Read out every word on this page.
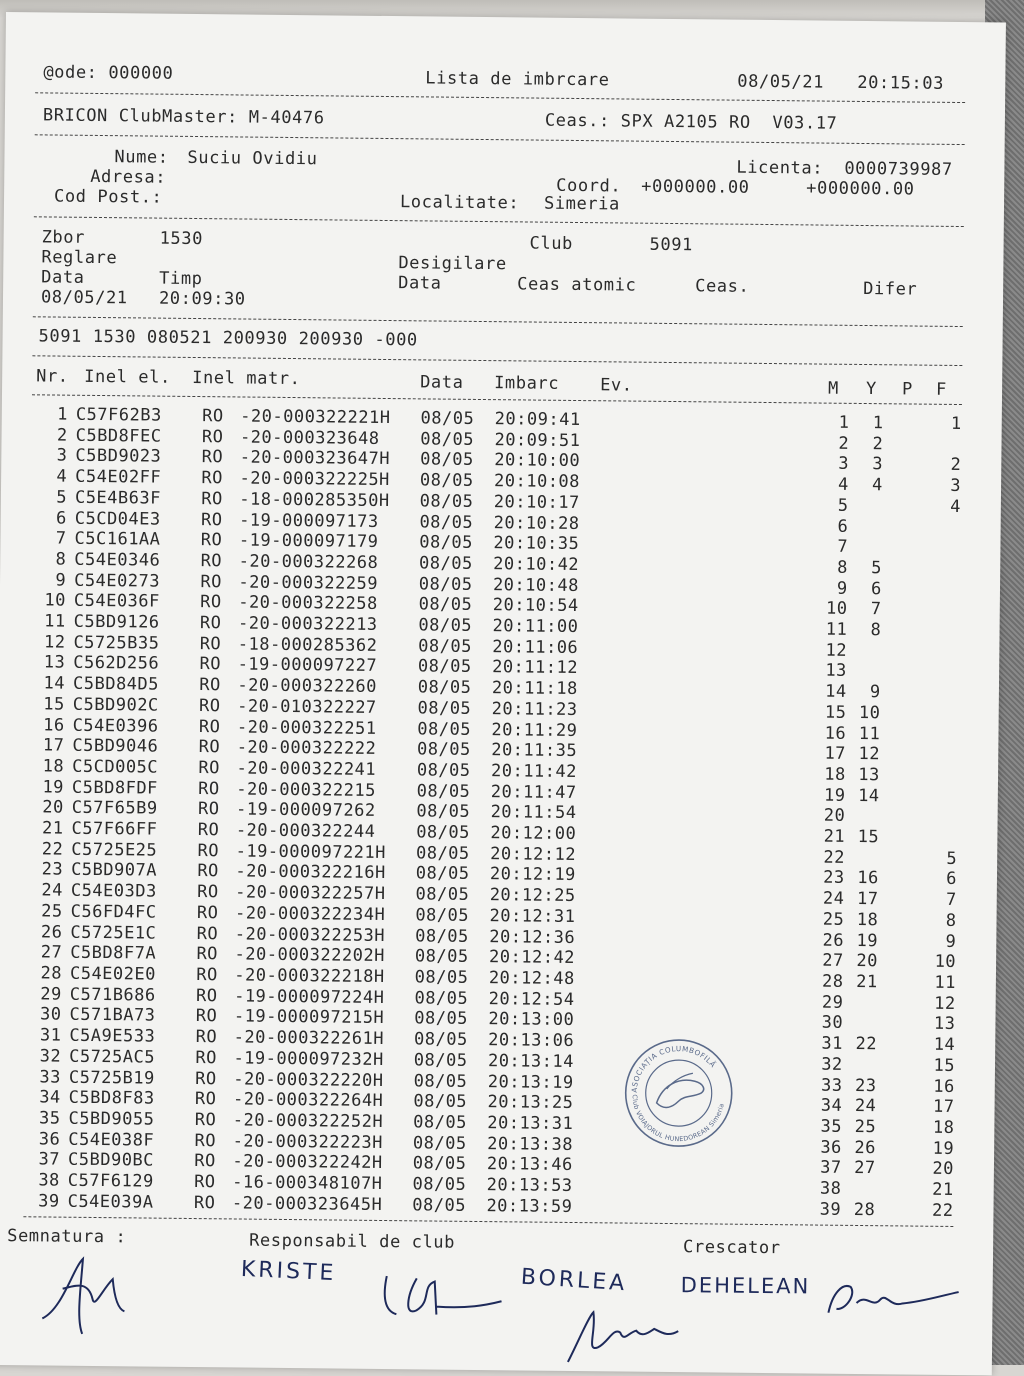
@ode: 000000	Lista de imbrcare	08/05/21 20:15:03
BRICON ClubMaster: M-40476	Ceas.: SPX A2105 RO  V03.17
Nume: Suciu Ovidiu
Adresa:
Cod Post.:
Licenta: 0000739987
Coord. +000000.00	+000000.00
Localitate: Simeria
Zbor	1530	Club	5091
Reglare	Desigilare
Data	Timp	Data	Ceas atomic	Ceas.	Difer
08/05/21 20:09:30
5091 1530 080521 200930 200930 -000
Nr. Inel el. Inel matr.	Data Imbarc Ev.	M Y P F
1	C57F62B3	RO	-20-000322221H	08/05	20:09:41		1	1		1
2	C5BD8FEC	RO	-20-000323648	08/05	20:09:51		2	2		
3	C5BD9023	RO	-20-000323647H	08/05	20:10:00		3	3		2
4	C54E02FF	RO	-20-000322225H	08/05	20:10:08		4	4		3
5	C5E4B63F	RO	-18-000285350H	08/05	20:10:17		5			4
6	C5CD04E3	RO	-19-000097173	08/05	20:10:28		6			
7	C5C161AA	RO	-19-000097179	08/05	20:10:35		7			
8	C54E0346	RO	-20-000322268	08/05	20:10:42		8	5		
9	C54E0273	RO	-20-000322259	08/05	20:10:48		9	6		
10	C54E036F	RO	-20-000322258	08/05	20:10:54		10	7		
11	C5BD9126	RO	-20-000322213	08/05	20:11:00		11	8		
12	C5725B35	RO	-18-000285362	08/05	20:11:06		12			
13	C562D256	RO	-19-000097227	08/05	20:11:12		13			
14	C5BD84D5	RO	-20-000322260	08/05	20:11:18		14	9		
15	C5BD902C	RO	-20-010322227	08/05	20:11:23		15	10		
16	C54E0396	RO	-20-000322251	08/05	20:11:29		16	11		
17	C5BD9046	RO	-20-000322222	08/05	20:11:35		17	12		
18	C5CD005C	RO	-20-000322241	08/05	20:11:42		18	13		
19	C5BD8FDF	RO	-20-000322215	08/05	20:11:47		19	14		
20	C57F65B9	RO	-19-000097262	08/05	20:11:54		20			
21	C57F66FF	RO	-20-000322244	08/05	20:12:00		21	15		
22	C5725E25	RO	-19-000097221H	08/05	20:12:12		22			5
23	C5BD907A	RO	-20-000322216H	08/05	20:12:19		23	16		6
24	C54E03D3	RO	-20-000322257H	08/05	20:12:25		24	17		7
25	C56FD4FC	RO	-20-000322234H	08/05	20:12:31		25	18		8
26	C5725E1C	RO	-20-000322253H	08/05	20:12:36		26	19		9
27	C5BD8F7A	RO	-20-000322202H	08/05	20:12:42		27	20		10
28	C54E02E0	RO	-20-000322218H	08/05	20:12:48		28	21		11
29	C571B686	RO	-19-000097224H	08/05	20:12:54		29			12
30	C571BA73	RO	-19-000097215H	08/05	20:13:00		30			13
31	C5A9E533	RO	-20-000322261H	08/05	20:13:06		31	22		14
32	C5725AC5	RO	-19-000097232H	08/05	20:13:14		32			15
33	C5725B19	RO	-20-000322220H	08/05	20:13:19		33	23		16
34	C5BD8F83	RO	-20-000322264H	08/05	20:13:25		34	24		17
35	C5BD9055	RO	-20-000322252H	08/05	20:13:31		35	25		18
36	C54E038F	RO	-20-000322223H	08/05	20:13:38		36	26		19
37	C5BD90BC	RO	-20-000322242H	08/05	20:13:46		37	27		20
38	C57F6129	RO	-16-000348107H	08/05	20:13:53		38			21
39	C54E039A	RO	-20-000323645H	08/05	20:13:59		39	28		22
Semnatura :	Responsabil de club	Crescator
KRISTE	BORLEA	DEHELEAN
ASOCIAȚIA COLUMBOFILĂ
Club VOIAJORUL HUNEDOREAN Simeria
